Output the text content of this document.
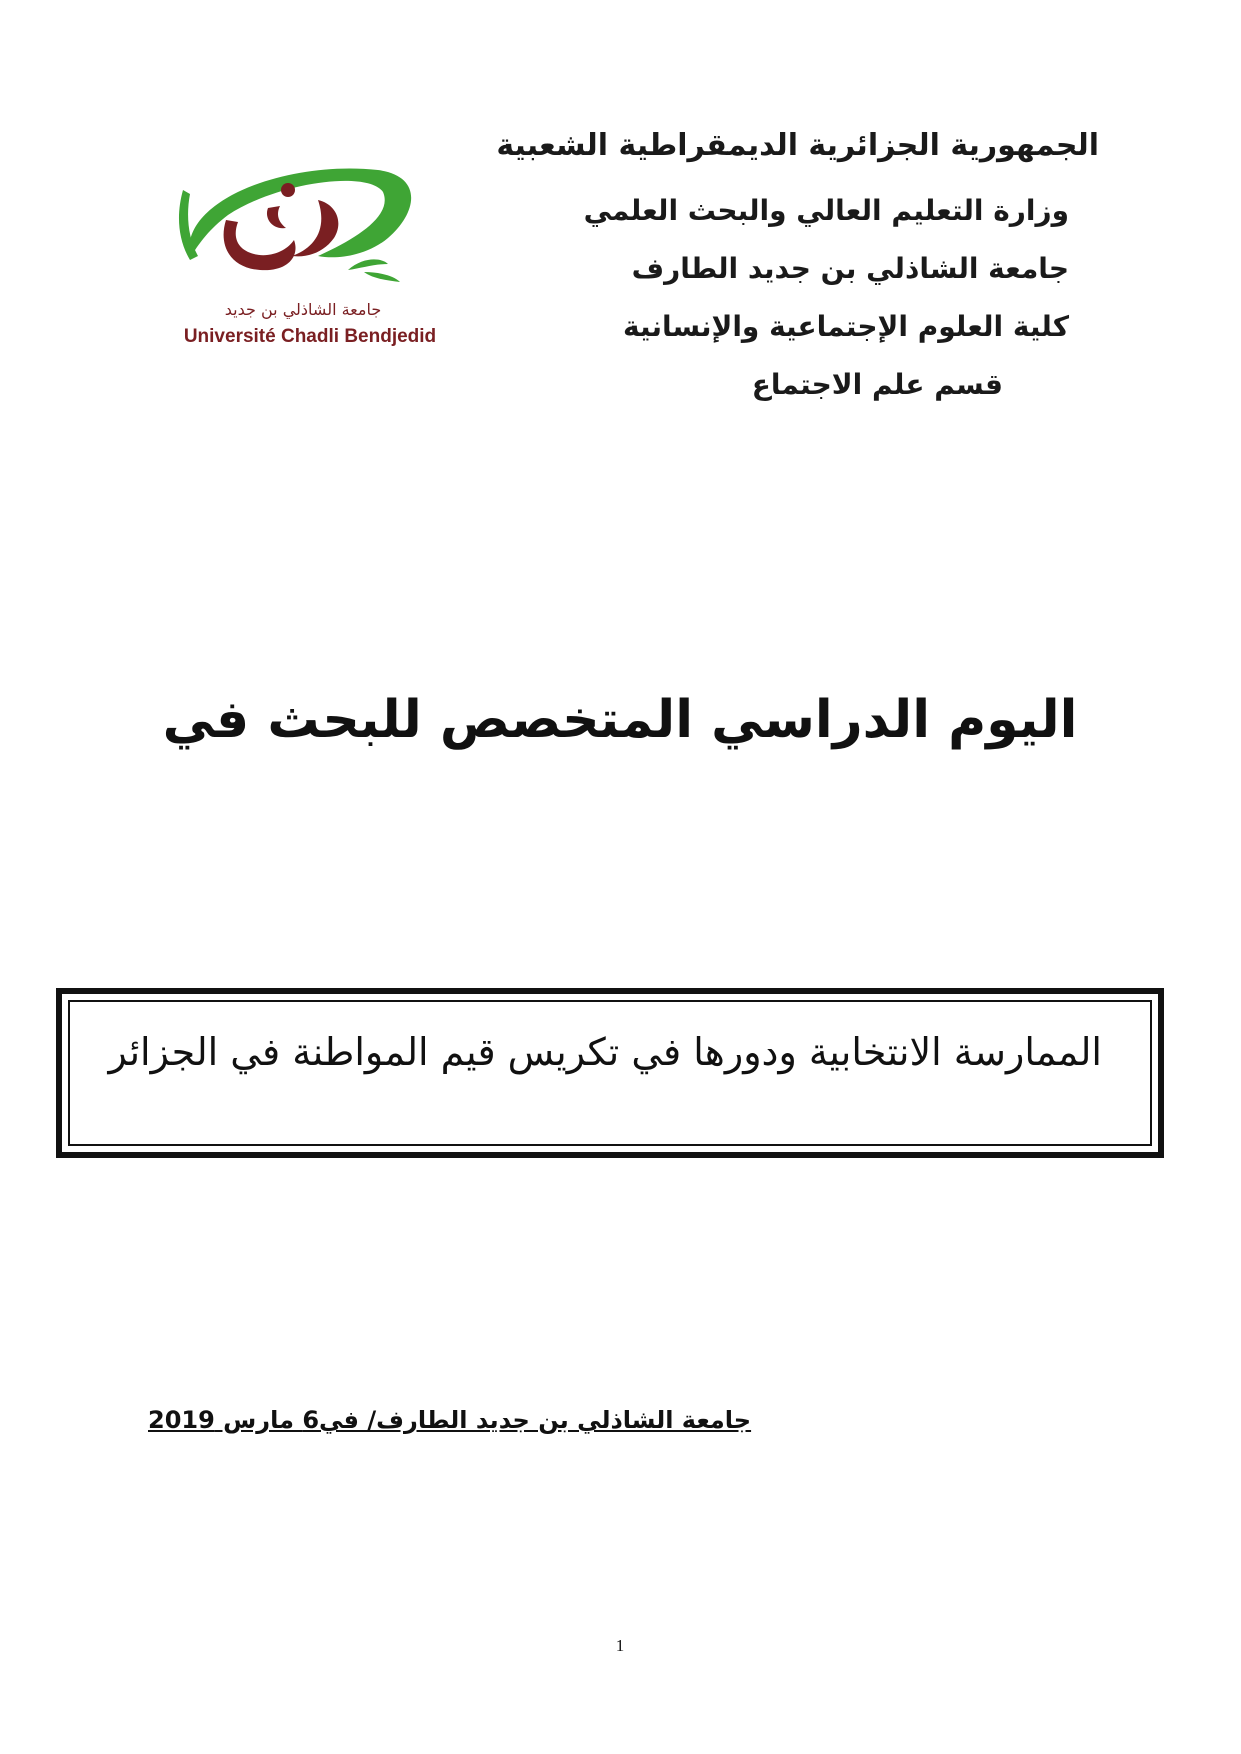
الجمهورية الجزائرية الديمقراطية الشعبية
وزارة التعليم العالي والبحث العلمي
جامعة الشاذلي بن جديد الطارف
كلية العلوم الإجتماعية والإنسانية
قسم علم الاجتماع
جامعة الشاذلي بن جديد
Université Chadli Bendjedid
اليوم الدراسي المتخصص للبحث في
الممارسة الانتخابية ودورها في تكريس قيم المواطنة في الجزائر
جامعة الشاذلي بن جديد الطارف/ في6 مارس 2019
1
